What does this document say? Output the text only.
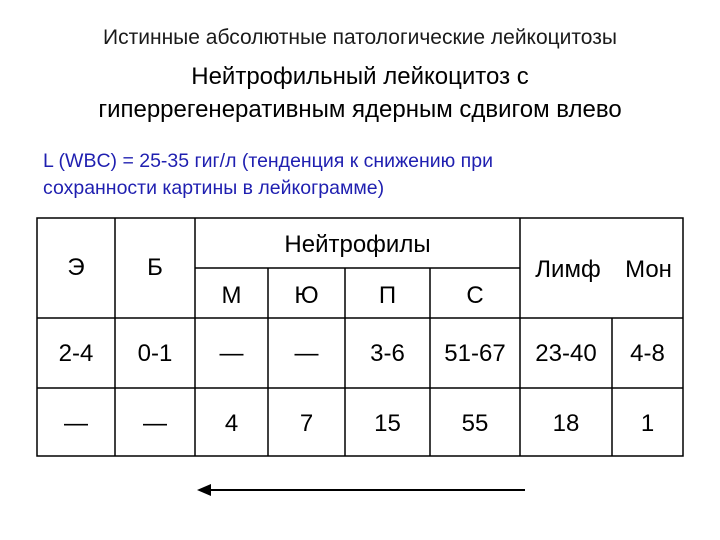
Истинные абсолютные патологические лейкоцитозы
Нейтрофильный лейкоцитоз с
гиперрегенеративным ядерным сдвигом влево
L (WBC) = 25-35 гиг/л (тенденция к снижению при
сохранности картины в лейкограмме)
Э	Б
Нейтрофилы
М	Ю	П	С
Лимф	Мон
2-4	0-1	—	—	3-6	51-67	23-40	4-8
—	—	4	7	15	55	18	1
